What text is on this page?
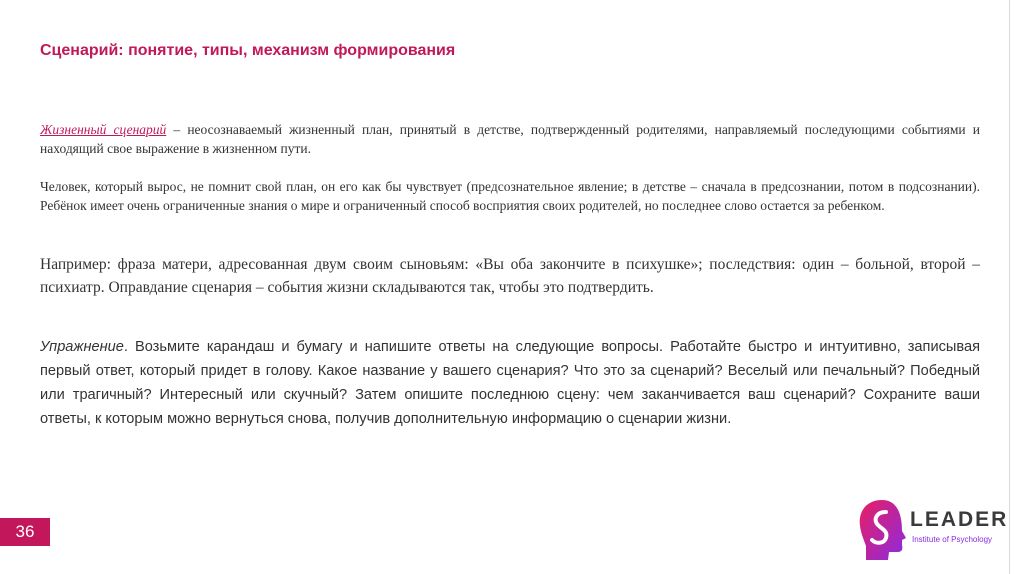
Сценарий: понятие, типы, механизм формирования
Жизненный сценарий – неосознаваемый жизненный план, принятый в детстве, подтвержденный родителями, направляемый последующими событиями и находящий свое выражение в жизненном пути.
Человек, который вырос, не помнит свой план, он его как бы чувствует (предсознательное явление; в детстве – сначала в предсознании, потом в подсознании). Ребёнок имеет очень ограниченные знания о мире и ограниченный способ восприятия своих родителей, но последнее слово остается за ребенком.
Например: фраза матери, адресованная двум своим сыновьям: «Вы оба закончите в психушке»; последствия: один – больной, второй – психиатр. Оправдание сценария – события жизни складываются так, чтобы это подтвердить.
Упражнение. Возьмите карандаш и бумагу и напишите ответы на следующие вопросы. Работайте быстро и интуитивно, записывая первый ответ, который придет в голову. Какое название у вашего сценария? Что это за сценарий? Веселый или печальный? Победный или трагичный? Интересный или скучный? Затем опишите последнюю сцену: чем заканчивается ваш сценарий? Сохраните ваши ответы, к которым можно вернуться снова, получив дополнительную информацию о сценарии жизни.
36
LEADER
Institute of Psychology
